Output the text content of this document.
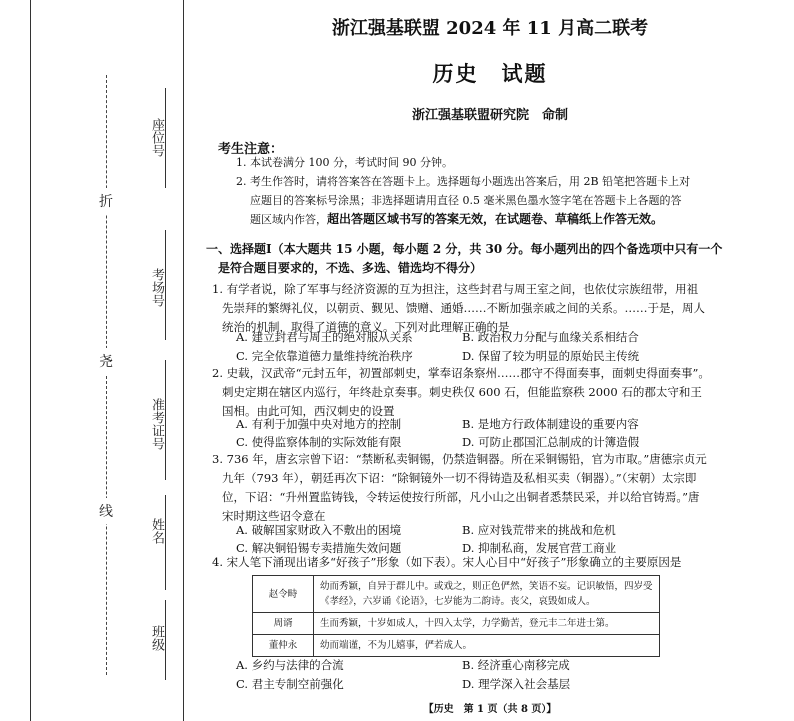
折
尧
线
座位号
考场号
准考证号
姓名
班级
浙江强基联盟 2024 年 11 月高二联考
历史　试题
浙江强基联盟研究院　命制
考生注意：
1. 本试卷满分 100 分，考试时间 90 分钟。
2. 考生作答时，请将答案答在答题卡上。选择题每小题选出答案后，用 2B 铅笔把答题卡上对
应题目的答案标号涂黑；非选择题请用直径 0.5 毫米黑色墨水签字笔在答题卡上各题的答
题区域内作答，超出答题区域书写的答案无效，在试题卷、草稿纸上作答无效。
一、选择题Ⅰ（本大题共 15 小题，每小题 2 分，共 30 分。每小题列出的四个备选项中只有一个
是符合题目要求的，不选、多选、错选均不得分）
1. 有学者说，除了军事与经济资源的互为担注，这些封君与周王室之间，也依仗宗族纽带，用祖
先崇拜的繁缛礼仪，以朝贡、觐见、馈赠、通婚……不断加强亲戚之间的关系。……于是，周人
统治的机制，取得了道德的意义。下列对此理解正确的是
A. 建立封君与周王的绝对服从关系	B. 政治权力分配与血缘关系相结合
C. 完全依靠道德力量维持统治秩序	D. 保留了较为明显的原始民主传统
2. 史载，汉武帝“元封五年，初置部刺史，掌奉诏条察州……郡守不得面奏事，面刺史得面奏事”。
刺史定期在辖区内巡行，年终赴京奏事。刺史秩仅 600 石，但能监察秩 2000 石的郡太守和王
国相。由此可知，西汉刺史的设置
A. 有利于加强中央对地方的控制	B. 是地方行政体制建设的重要内容
C. 使得监察体制的实际效能有限	D. 可防止郡国汇总制成的计簿造假
3. 736 年，唐玄宗曾下诏：“禁断私卖铜锡，仍禁造铜器。所在采铜锡铅，官为市取。”唐德宗贞元
九年（793 年），朝廷再次下诏：“除铜镜外一切不得铸造及私相买卖（铜器）。”（宋朝）太宗即
位，下诏：“升州置监铸钱，令转运使按行所部，凡小山之出铜者悉禁民采，并以给官铸焉。”唐
宋时期这些诏令意在
A. 破解国家财政入不敷出的困境	B. 应对钱荒带来的挑战和危机
C. 解决铜铅锡专卖措施失效问题	D. 抑制私商，发展官营工商业
4. 宋人笔下涌现出诸多“好孩子”形象（如下表）。宋人心目中“好孩子”形象确立的主要原因是
赵令畤	幼而秀颖，自异于群儿中。或戏之，则正色俨然，笑语不妄。记识敏悟，四岁受
《孝经》，六岁诵《论语》，七岁能为二韵诗。丧父，哀毁如成人。

周谞	生而秀颖，十岁如成人，十四入太学，力学勤苦，登元丰二年进士第。
董仲永	幼而端谨，不为儿嬉事，俨若成人。
A. 乡约与法律的合流	B. 经济重心南移完成
C. 君主专制空前强化	D. 理学深入社会基层
【历史　第 1 页（共 8 页）】
